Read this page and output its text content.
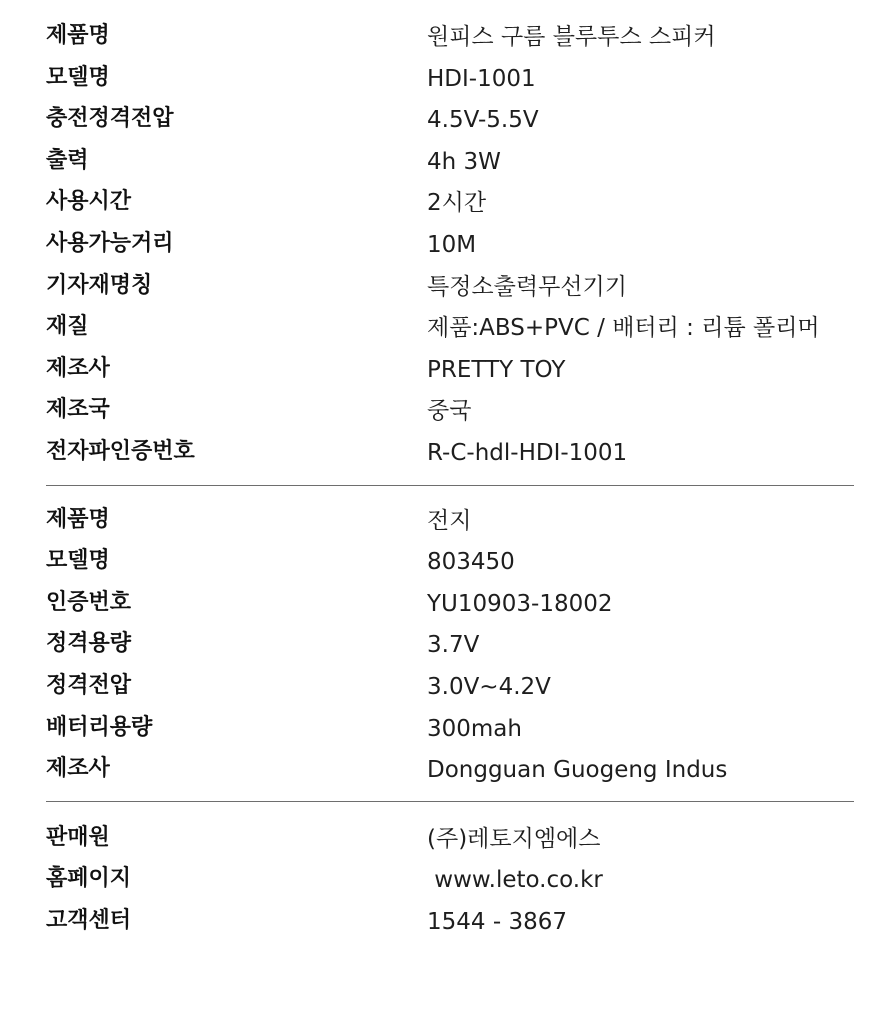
제품명	원피스 구름 블루투스 스피커
모델명	HDI-1001
충전정격전압	4.5V-5.5V
출력	4h 3W
사용시간	2시간
사용가능거리	10M
기자재명칭	특정소출력무선기기
재질	제품:ABS+PVC / 배터리 : 리튬 폴리머
제조사	PRETTY TOY
제조국	중국
전자파인증번호	R-C-hdl-HDI-1001
제품명	전지
모델명	803450
인증번호	YU10903-18002
정격용량	3.7V
정격전압	3.0V~4.2V
배터리용량	300mah
제조사	Dongguan Guogeng Indus
판매원	(주)레토지엠에스
홈페이지	www.leto.co.kr
고객센터	1544 - 3867
